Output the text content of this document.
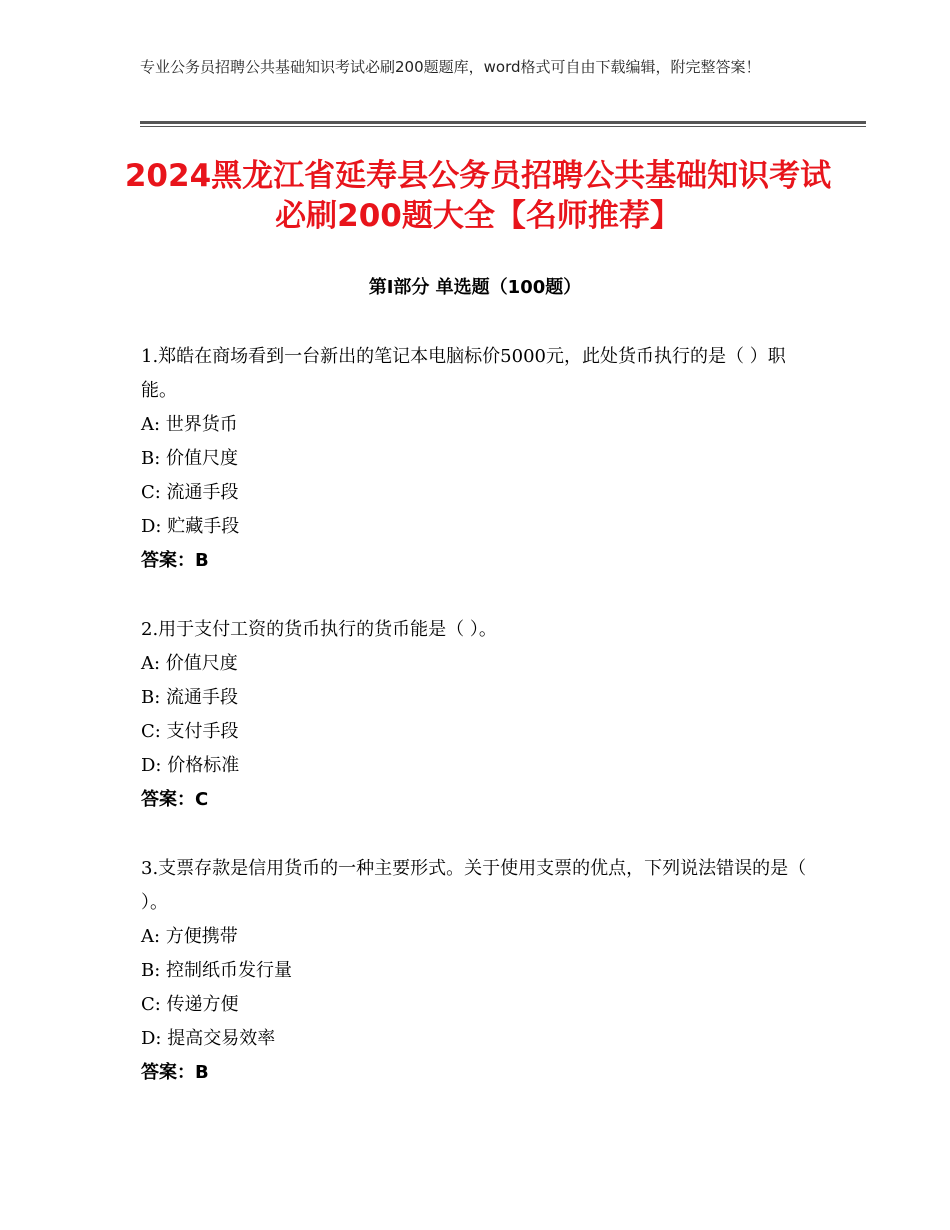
专业公务员招聘公共基础知识考试必刷200题题库，word格式可自由下载编辑，附完整答案！
2024黑龙江省延寿县公务员招聘公共基础知识考试必刷200题大全【名师推荐】
第Ⅰ部分 单选题（100题）

1.郑皓在商场看到一台新出的笔记本电脑标价5000元，此处货币执行的是（ ）职能。

A: 世界货币

B: 价值尺度

C: 流通手段

D: 贮藏手段

答案：B

2.用于支付工资的货币执行的货币能是（ ）。

A: 价值尺度

B: 流通手段

C: 支付手段

D: 价格标准

答案：C

3.支票存款是信用货币的一种主要形式。关于使用支票的优点，下列说法错误的是（ ）。

A: 方便携带

B: 控制纸币发行量

C: 传递方便

D: 提高交易效率

答案：B
